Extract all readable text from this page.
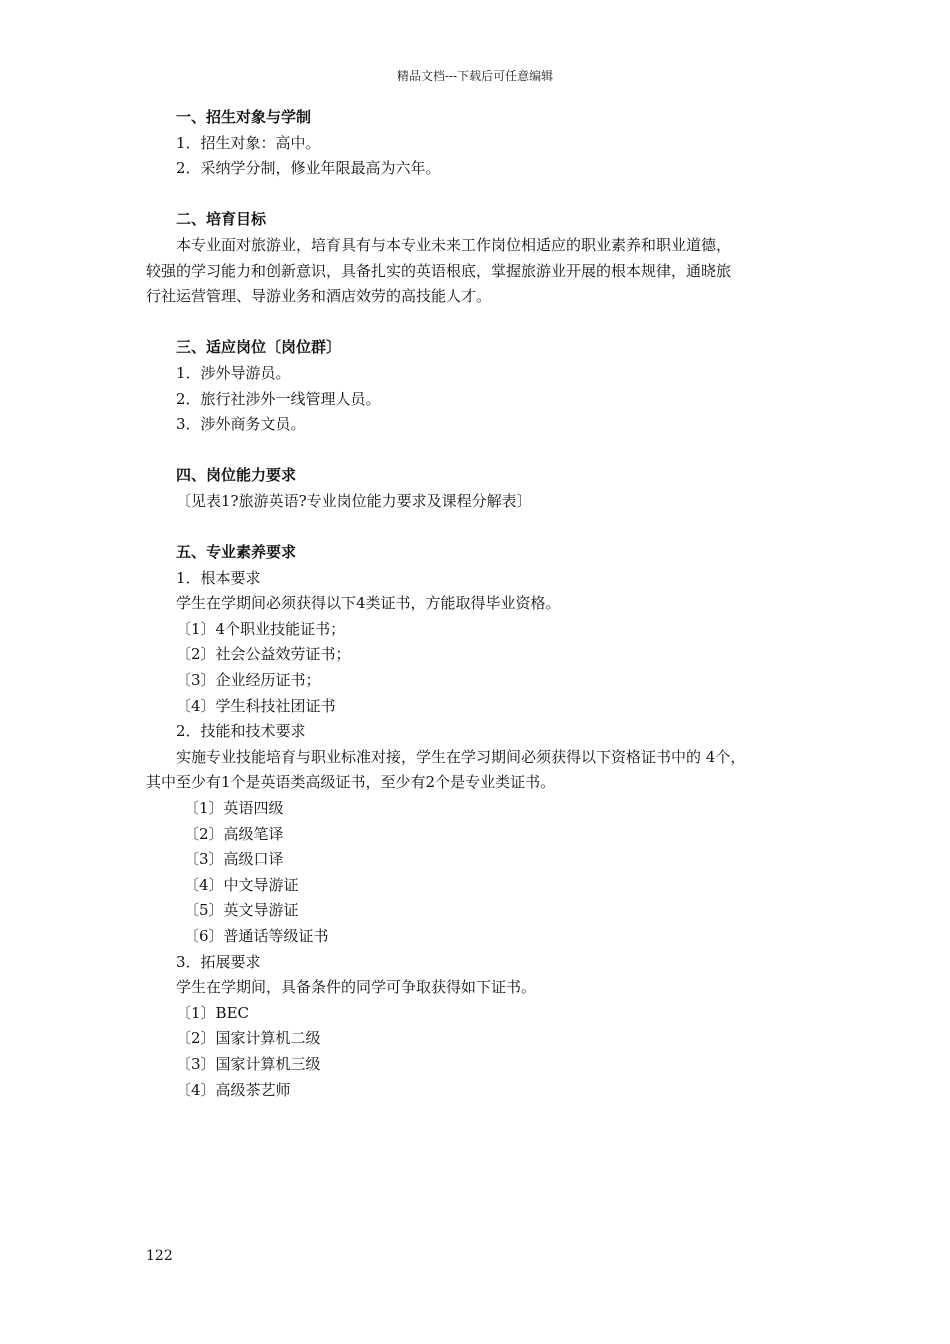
精品文档---下载后可任意编辑
一、招生对象与学制
1．招生对象：高中。
2．采纳学分制，修业年限最高为六年。
二、培育目标
本专业面对旅游业，培育具有与本专业未来工作岗位相适应的职业素养和职业道德，
较强的学习能力和创新意识，具备扎实的英语根底，掌握旅游业开展的根本规律，通晓旅
行社运营管理、导游业务和酒店效劳的高技能人才。
三、适应岗位〔岗位群〕
1．涉外导游员。
2．旅行社涉外一线管理人员。
3．涉外商务文员。
四、岗位能力要求
〔见表1?旅游英语?专业岗位能力要求及课程分解表〕
五、专业素养要求
1．根本要求
学生在学期间必须获得以下4类证书，方能取得毕业资格。
〔1〕4个职业技能证书；
〔2〕社会公益效劳证书；
〔3〕企业经历证书；
〔4〕学生科技社团证书
2．技能和技术要求
实施专业技能培育与职业标准对接，学生在学习期间必须获得以下资格证书中的 4个，
其中至少有1个是英语类高级证书，至少有2个是专业类证书。
〔1〕英语四级
〔2〕高级笔译
〔3〕高级口译
〔4〕中文导游证
〔5〕英文导游证
〔6〕普通话等级证书
3．拓展要求
学生在学期间，具备条件的同学可争取获得如下证书。
〔1〕BEC
〔2〕国家计算机二级
〔3〕国家计算机三级
〔4〕高级茶艺师
122
